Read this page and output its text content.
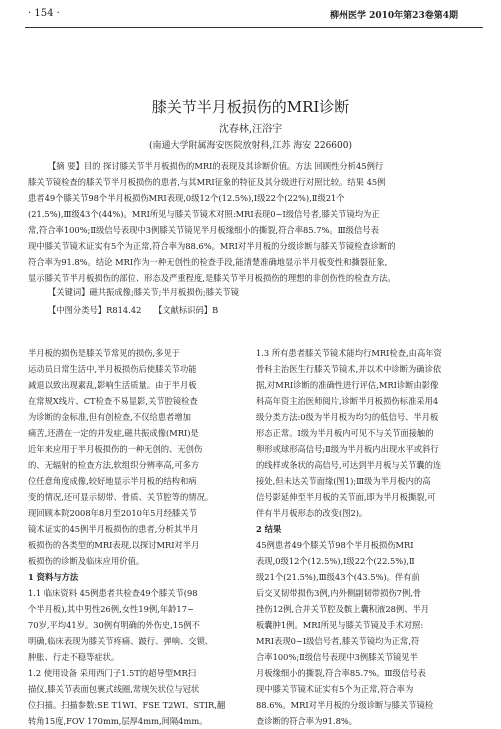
· 154 ·	柳州医学 2010年第23卷第4期
膝关节半月板损伤的MRI诊断
沈春林,汪浴宇
(南通大学附属海安医院放射科,江苏 海安 226600)
【摘 要】目的 探讨膝关节半月板损伤的MRI的表现及其诊断价值。方法 回顾性分析45例行
膝关节镜检查的膝关节半月板损伤的患者,与其MRI征象的特征及其分级进行对照比较。结果 45例
患者49个膝关节98个半月板损伤MRI表现,0级12个(12.5%),Ⅰ级22个(22%),Ⅱ级21个
(21.5%),Ⅲ级43个(44%)。MRI所见与膝关节镜术对照:MRI表现0~Ⅰ级信号者,膝关节镜均为正
常,符合率100%;Ⅱ级信号表现中3例膝关节镜见半月板缘细小的撕裂,符合率85.7%。Ⅲ级信号表
现中膝关节镜术证实有5个为正常,符合率为88.6%。MRI对半月板的分级诊断与膝关节镜检查诊断的
符合率为91.8%。结论 MRI作为一种无创性的检查手段,能清楚准确地显示半月板变性和撕裂征象,
显示膝关节半月板损伤的部位、形态及严重程度,是膝关节半月板损伤的理想的非创伤性的检查方法。
【关键词】磁共振成像;膝关节;半月板损伤;膝关节镜
【中图分类号】R814.42 【文献标识码】B
半月板的损伤是膝关节常见的损伤,多见于
运动员日常生活中,半月板损伤后使膝关节功能
减退以致出现素乱,影响生活质量。由于半月板
在常规X线片、CT检查不易显影,关节腔镜检查
为诊断的金标准,但有创检查,不仅给患者增加
痛苦,还潜在一定的并发症,磁共振成像(MRI)是
近年来应用于半月板损伤的一种无创的、无创伤
的、无辐射的检查方法,软组织分辨率高,可多方
位任意角度成像,较好地显示半月板的结构和病
变的情况,还可显示韧带、骨质、关节腔等的情况。
现回顾本院2008年8月至2010年5月经膝关节
镜术证实的45例半月板损伤的患者,分析其半月
板损伤的各类型的MRI表现,以探讨MRI对半月
板损伤的诊断及临床应用价值。
1 资料与方法
1.1 临床资料 45例患者共检查49个膝关节(98
个半月板),其中男性26例,女性19例,年龄17~
70岁,平均41岁。30例有明确的外伤史,15例不
明确,临床表现为膝关节疼痛、跛行、弹响、交锁、
肿胀、行走不稳等症状。
1.2 使用设备 采用西门子1.5T的超导型MR扫
描仪,膝关节表面包裹式线圈,常规矢状位与冠状
位扫描。扫描参数:SE T1WI、FSE T2WI、STIR,翻
转角15度,FOV 170mm,层厚4mm,间隔4mm。
1.3 所有患者膝关节镜术能均行MRI检查,由高年资
骨科主治医生行膝关节镜术,并以术中诊断为确诊依
据,对MRI诊断的准确性进行评估,MRI诊断由影像
科高年资主治医师阅片,诊断半月板损伤标准采用4
级分类方法:0级为半月板为均匀的低信号、半月板
形态正常。Ⅰ级为半月板内可见不与关节面接触的
卵形或球形高信号;Ⅱ级为半月板内出现水平或斜行
的线样或条状的高信号,可达到半月板与关节囊的连
接处,但未达关节面缘(图1);Ⅲ级为半月板内的高
信号影延伸至半月板的关节面,即为半月板撕裂,可
伴有半月板形态的改变(图2)。
2 结果
45例患者49个膝关节98个半月板损伤MRI
表现,0级12个(12.5%),Ⅰ级22个(22.5%),Ⅱ
级21个(21.5%),Ⅲ级43个(43.5%)。伴有前
后交叉韧带损伤3例,内外侧副韧带损伤7例,骨
挫伤12例,合并关节腔及髌上囊积液28例、半月
板囊肿1例。MRI所见与膝关节镜及手术对照:
MRI表现0~Ⅰ级信号者,膝关节镜均为正常,符
合率100%;Ⅱ级信号表现中3例膝关节镜见半
月板缘细小的撕裂,符合率85.7%。Ⅲ级信号表
现中膝关节镜术证实有5个为正常,符合率为
88.6%。MRI对半月板的分级诊断与膝关节镜检
查诊断的符合率为91.8%。
